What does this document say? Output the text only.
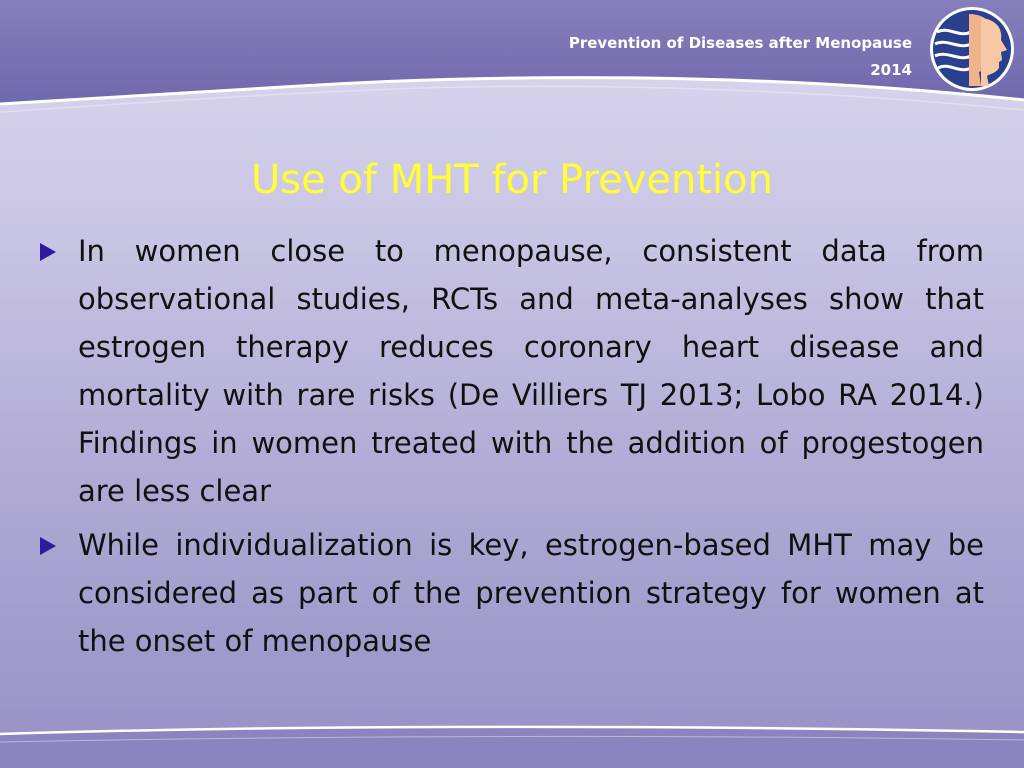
Prevention of Diseases after Menopause
2014
Use of MHT for Prevention
In women close to menopause, consistent data from observational studies, RCTs and meta-analyses show that estrogen therapy reduces coronary heart disease and mortality with rare risks (De Villiers TJ 2013; Lobo RA 2014.) Findings in women treated with the addition of progestogen are less clear
While individualization is key, estrogen-based MHT may be considered as part of the prevention strategy for women at the onset of menopause
